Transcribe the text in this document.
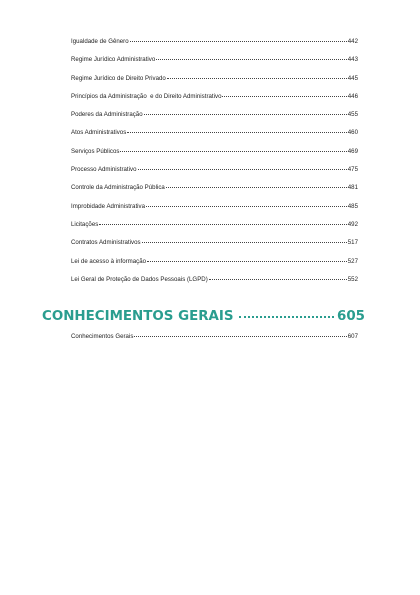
Igualdade de Gênero	442
Regime Jurídico Administrativo	443
Regime Jurídico de Direito Privado	445
Princípios da Administração  e do Direito Administrativo	446
Poderes da Administração	455
Atos Administrativos	460
Serviços Públicos	469
Processo Administrativo	475
Controle da Administração Pública	481
Improbidade Administrativa	485
Licitações	492
Contratos Administrativos	517
Lei de acesso à informação	527
Lei Geral de Proteção de Dados Pessoais (LGPD)	552
CONHECIMENTOS GERAIS	605
Conhecimentos Gerais	607
